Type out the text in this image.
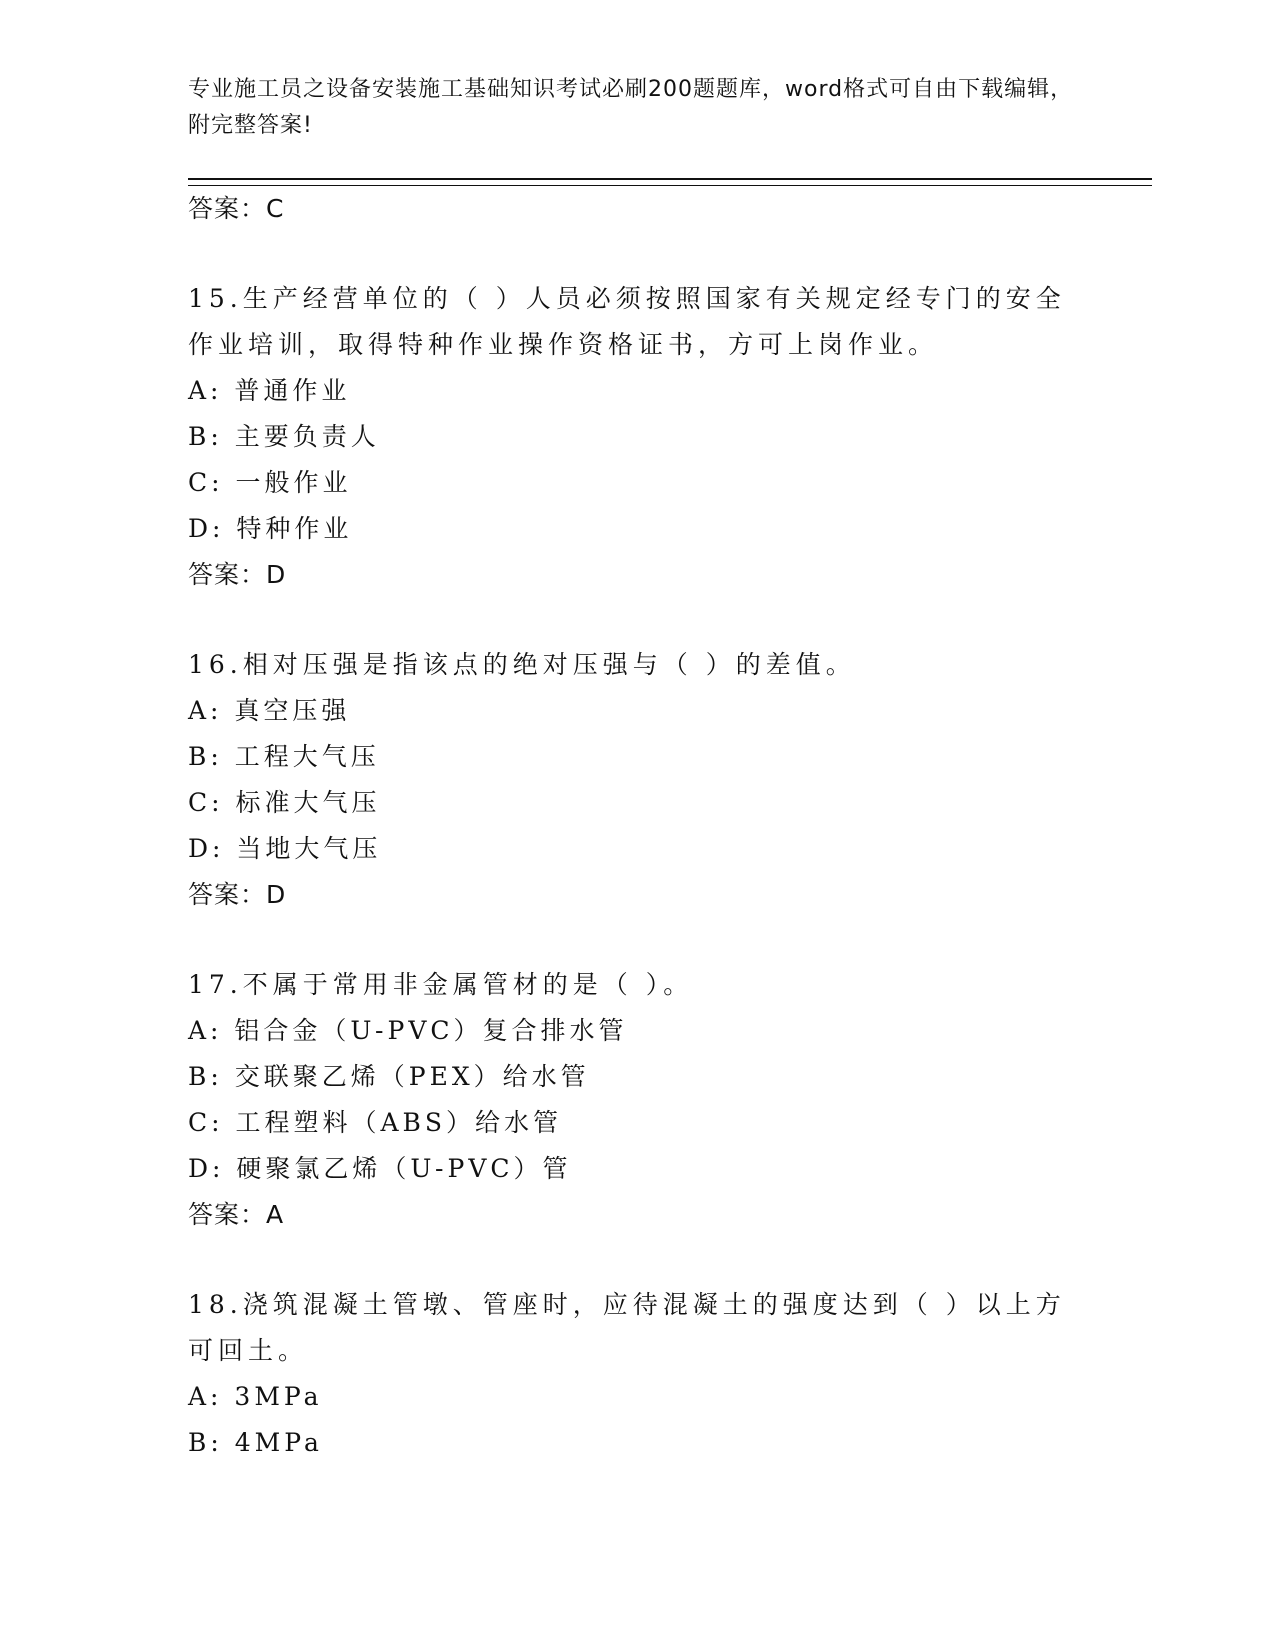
专业施工员之设备安装施工基础知识考试必刷200题题库，word格式可自由下载编辑，附完整答案!
答案：C
15.生产经营单位的（ ）人员必须按照国家有关规定经专门的安全作业培训，取得特种作业操作资格证书，方可上岗作业。
A: 普通作业
B: 主要负责人
C: 一般作业
D: 特种作业
答案：D
16.相对压强是指该点的绝对压强与（ ）的差值。
A: 真空压强
B: 工程大气压
C: 标准大气压
D: 当地大气压
答案：D
17.不属于常用非金属管材的是（ ）。
A: 铝合金（U-PVC）复合排水管
B: 交联聚乙烯（PEX）给水管
C: 工程塑料（ABS）给水管
D: 硬聚氯乙烯（U-PVC）管
答案：A
18.浇筑混凝土管墩、管座时，应待混凝土的强度达到（ ）以上方可回土。
A: 3MPa
B: 4MPa
